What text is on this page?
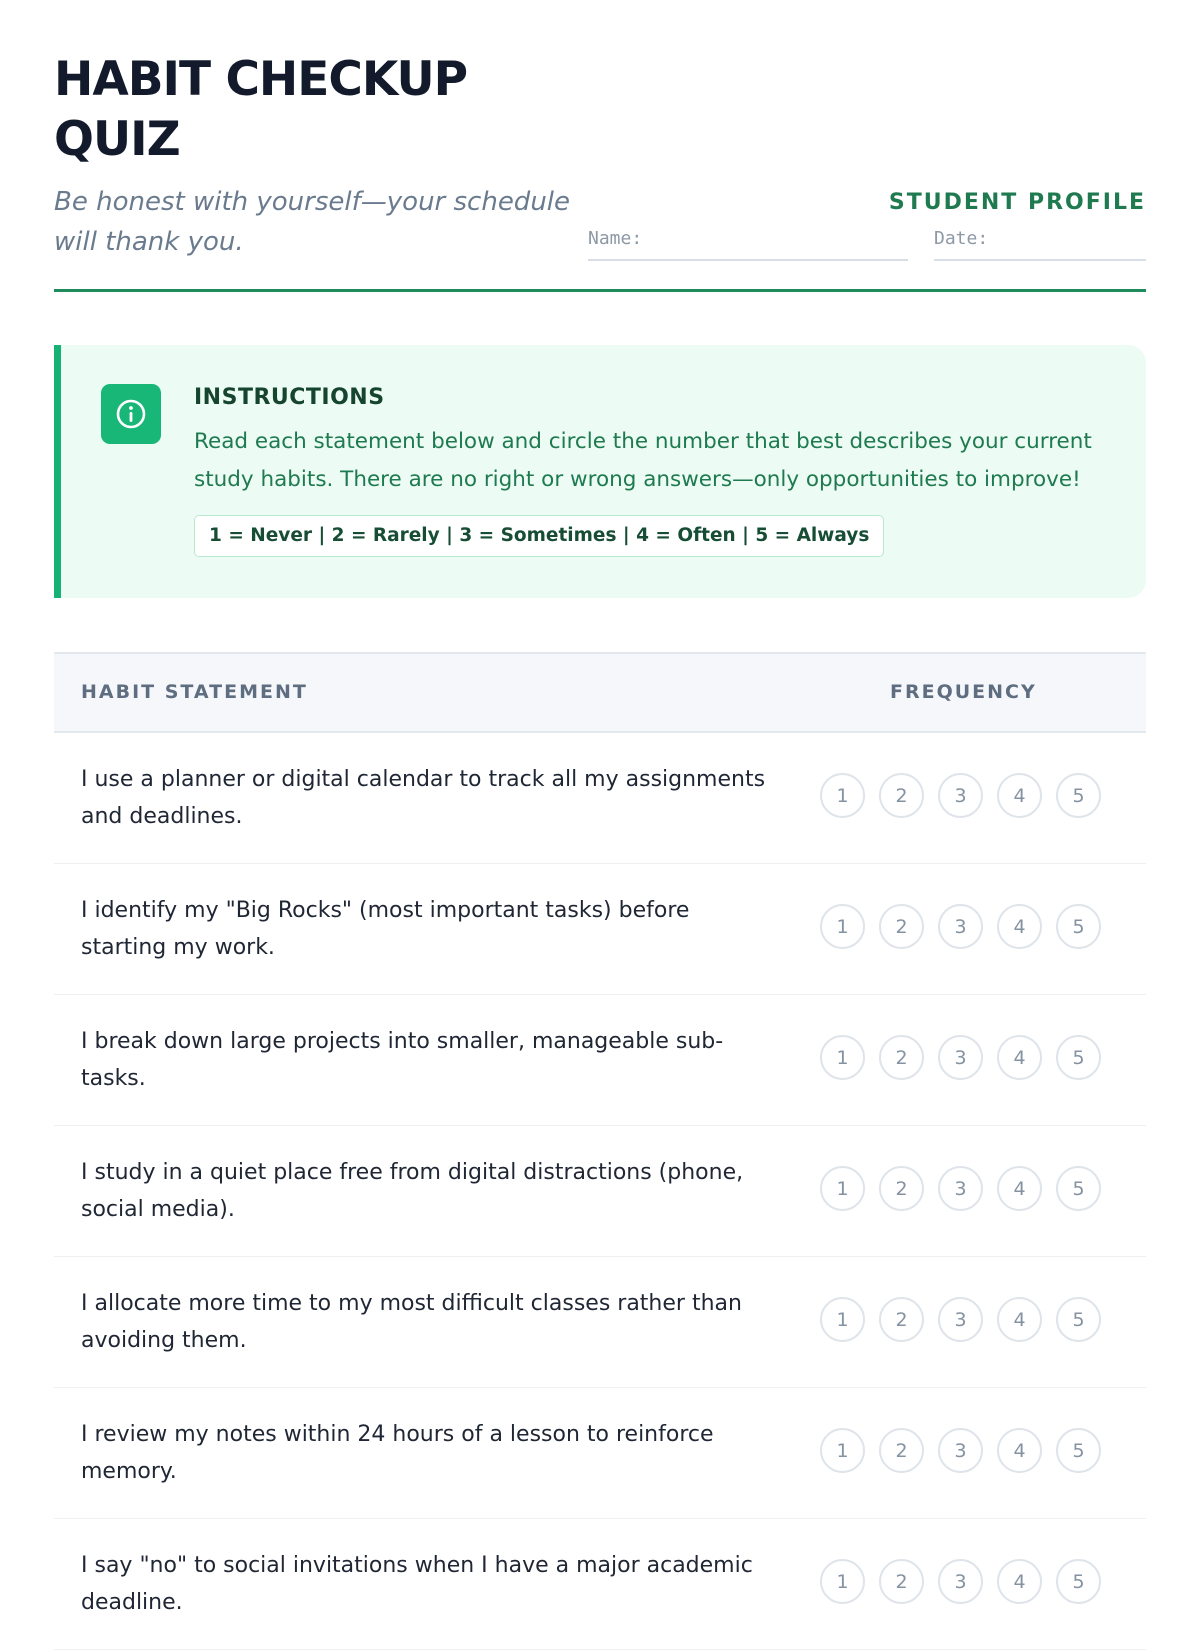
HABIT CHECKUP QUIZ

Be honest with yourself—your schedule will thank you.

STUDENT PROFILE
Name:	Date:
INSTRUCTIONS

Read each statement below and circle the number that best describes your current study habits. There are no right or wrong answers—only opportunities to improve!

1 = Never | 2 = Rarely | 3 = Sometimes | 4 = Often | 5 = Always
HABIT STATEMENT	FREQUENCY

I use a planner or digital calendar to track all my assignments and deadlines.

1	2	3	4	5

I identify my "Big Rocks" (most important tasks) before starting my work.

1	2	3	4	5

I break down large projects into smaller, manageable sub-tasks.

1	2	3	4	5

I study in a quiet place free from digital distractions (phone, social media).

1	2	3	4	5

I allocate more time to my most difficult classes rather than avoiding them.

1	2	3	4	5

I review my notes within 24 hours of a lesson to reinforce memory.

1	2	3	4	5

I say "no" to social invitations when I have a major academic deadline.

1	2	3	4	5
